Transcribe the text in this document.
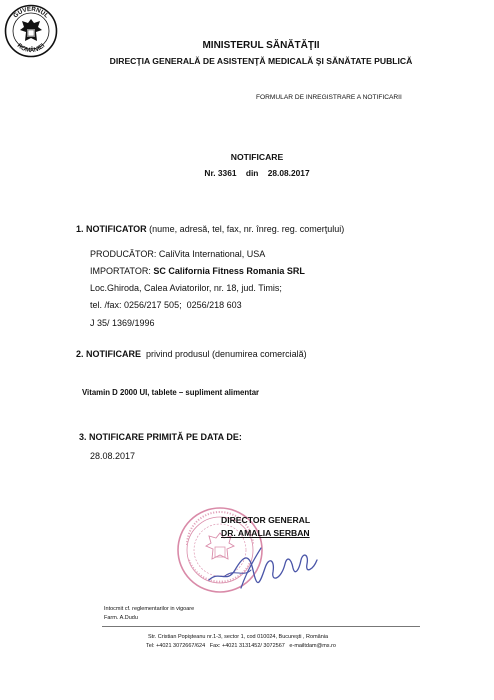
GUVERNUL
ROMÂNIEI	MINISTERUL SĂNĂTĂŢII
DIRECŢIA GENERALĂ DE ASISTENŢĂ MEDICALĂ ŞI SĂNĂTATE PUBLICĂ
FORMULAR DE INREGISTRARE A NOTIFICARII
NOTIFICARE
Nr. 3361    din    28.08.2017
1. NOTIFICATOR (nume, adresă, tel, fax, nr. înreg. reg. comerţului)
PRODUCĂTOR: CaliVita International, USA
IMPORTATOR: SC California Fitness Romania SRL
Loc.Ghiroda, Calea Aviatorilor, nr. 18, jud. Timis;
tel. /fax: 0256/217 505;  0256/218 603
J 35/ 1369/1996
2. NOTIFICARE  privind produsul (denumirea comercială)
Vitamin D 2000 UI, tablete – supliment alimentar
3. NOTIFICARE PRIMITĂ PE DATA DE:
28.08.2017
DIRECTOR GENERAL
DR. AMALIA SERBAN
Intocmit cf. reglementarilor in vigoare
Farm. A.Dudu
Str. Cristian Popişteanu nr.1-3, sector 1, cod 010024, Bucureşti , România
Tel: +4021 3072667/624   Fax: +4021 3131452/ 3072567   e-mailtdam@ms.ro
